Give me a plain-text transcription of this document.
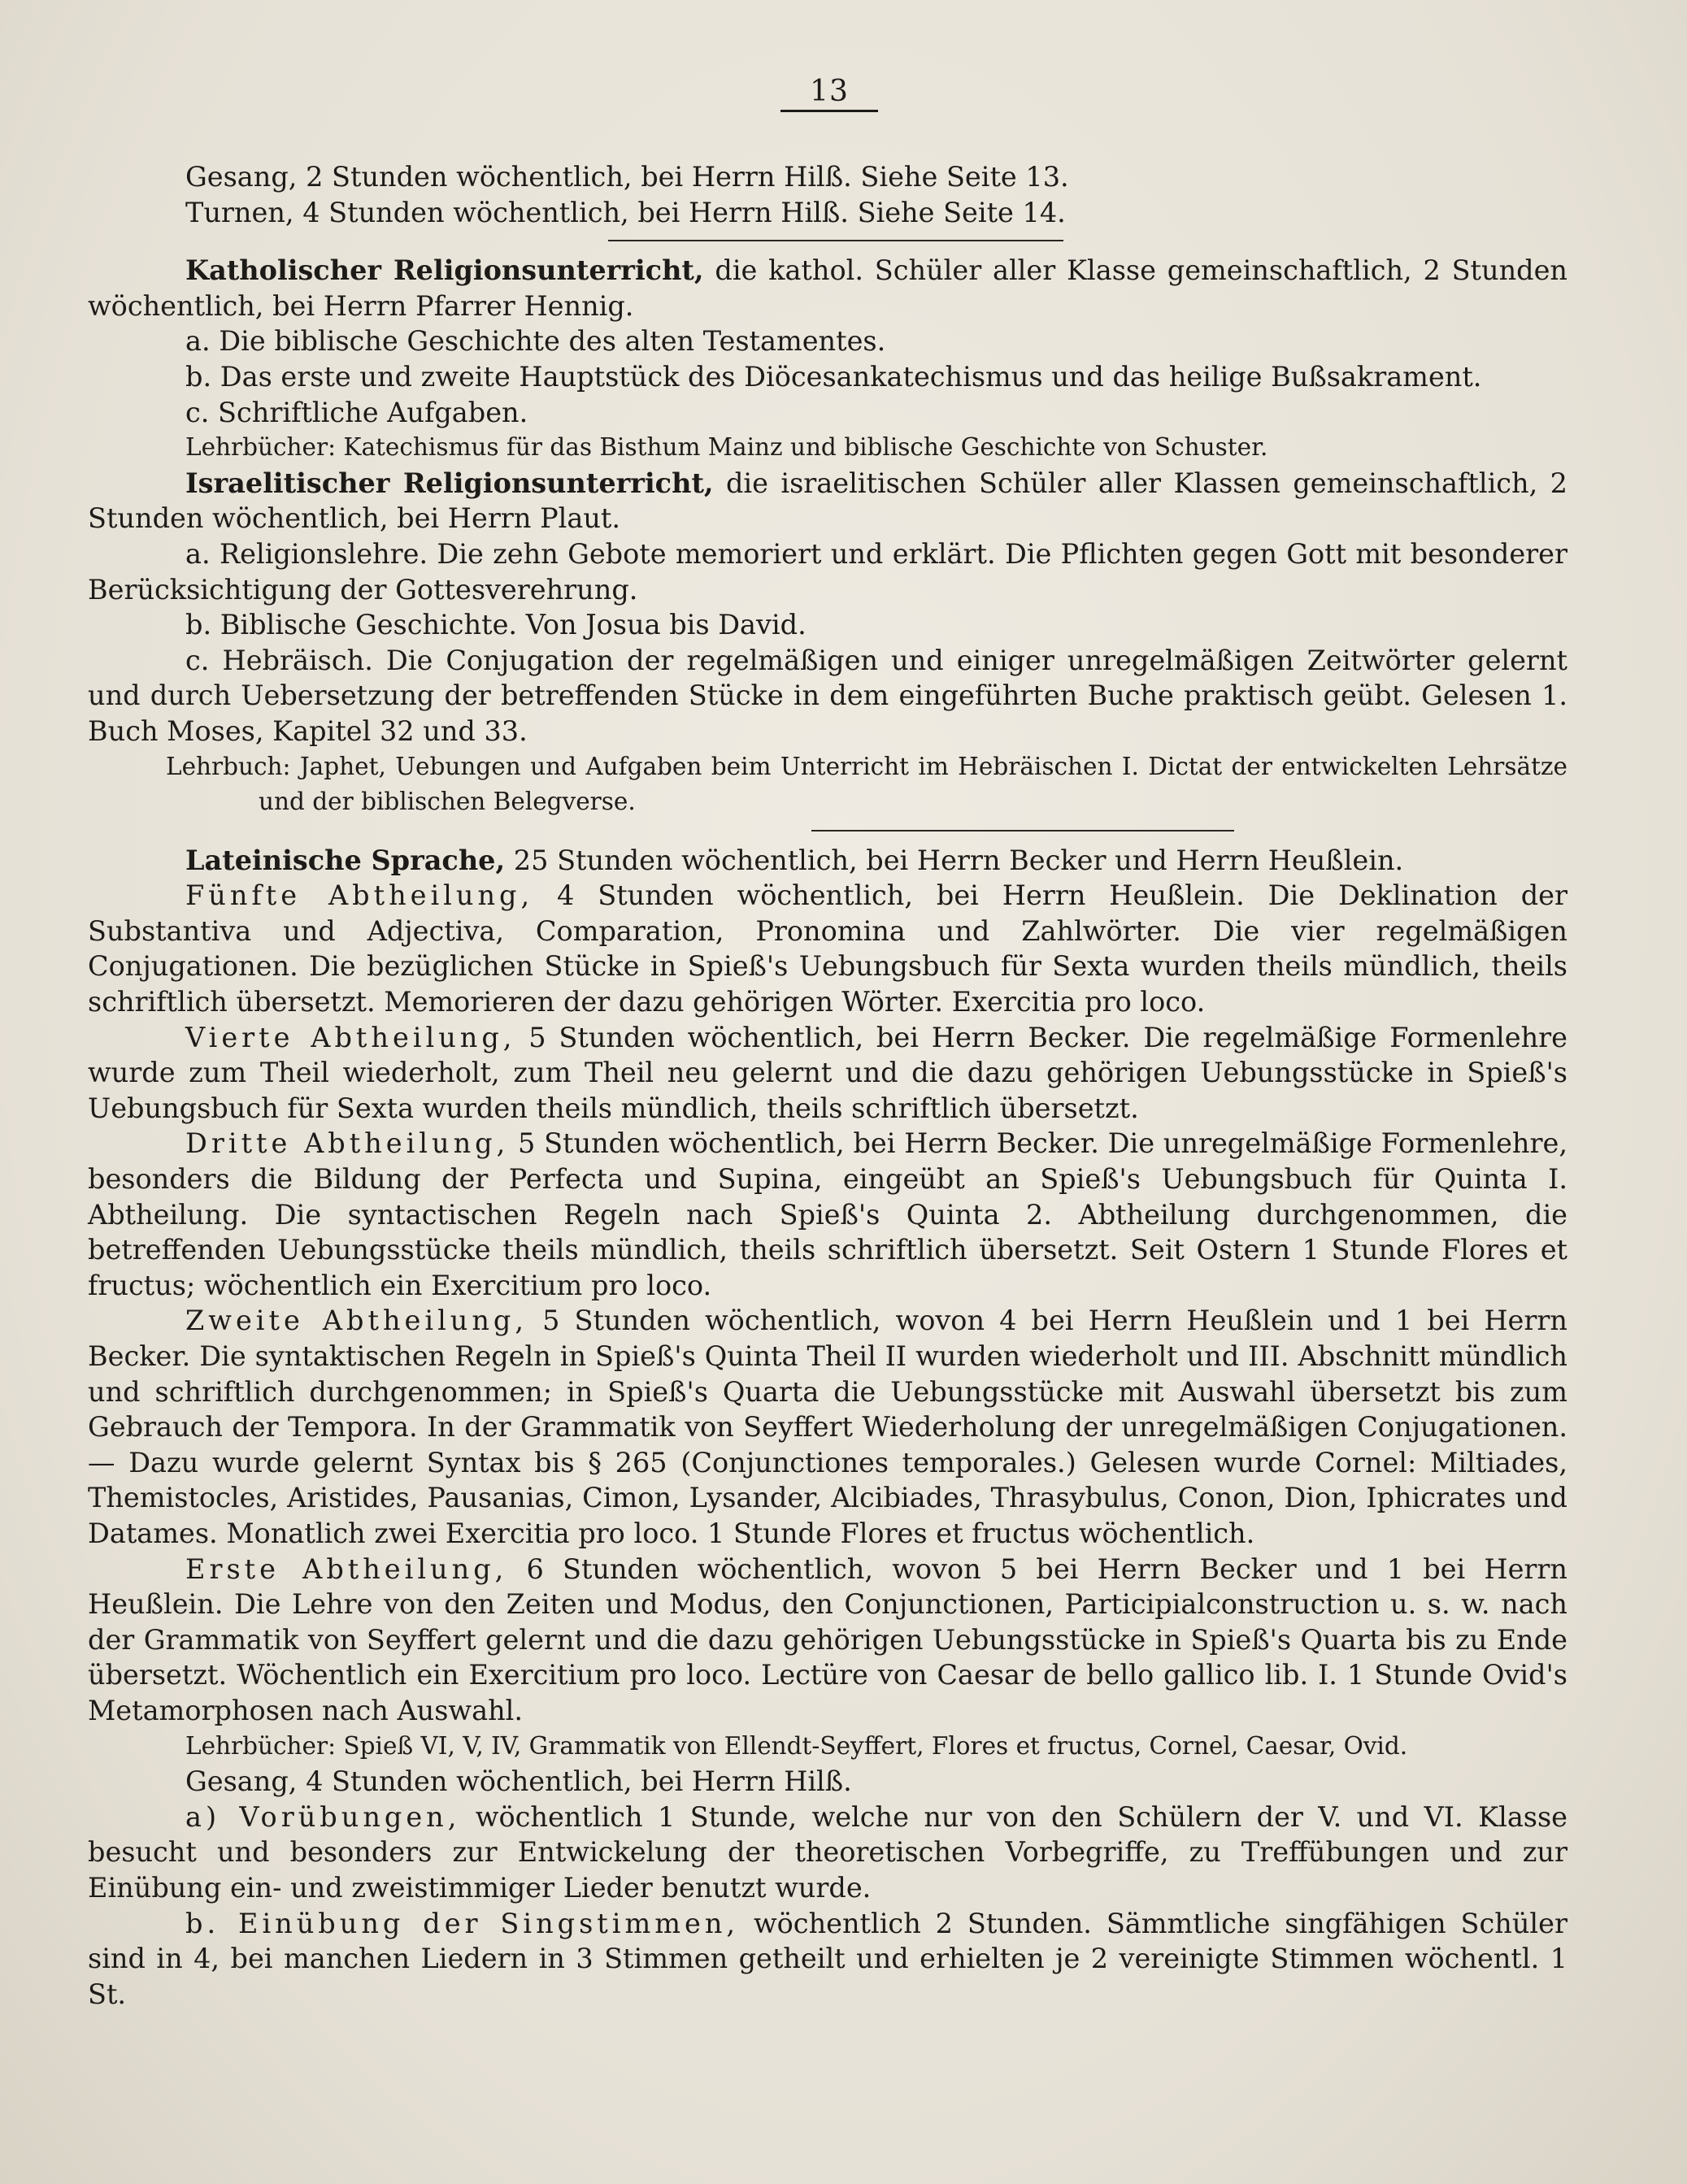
13

Gesang, 2 Stunden wöchentlich, bei Herrn Hilß. Siehe Seite 13.

Turnen, 4 Stunden wöchentlich, bei Herrn Hilß. Siehe Seite 14.

Katholischer Religionsunterricht, die kathol. Schüler aller Klasse gemeinschaftlich, 2 Stunden wöchentlich, bei Herrn Pfarrer Hennig.

a. Die biblische Geschichte des alten Testamentes.

b. Das erste und zweite Hauptstück des Diöcesankatechismus und das heilige Bußsakrament.

c. Schriftliche Aufgaben.

Lehrbücher: Katechismus für das Bisthum Mainz und biblische Geschichte von Schuster.

Israelitischer Religionsunterricht, die israelitischen Schüler aller Klassen gemeinschaftlich, 2 Stunden wöchentlich, bei Herrn Plaut.

a. Religionslehre. Die zehn Gebote memoriert und erklärt. Die Pflichten gegen Gott mit besonderer Berücksichtigung der Gottesverehrung.

b. Biblische Geschichte. Von Josua bis David.

c. Hebräisch. Die Conjugation der regelmäßigen und einiger unregelmäßigen Zeitwörter gelernt und durch Uebersetzung der betreffenden Stücke in dem eingeführten Buche praktisch geübt. Gelesen 1. Buch Moses, Kapitel 32 und 33.

Lehrbuch: Japhet, Uebungen und Aufgaben beim Unterricht im Hebräischen I. Dictat der entwickelten Lehrsätze und der biblischen Belegverse.

Lateinische Sprache, 25 Stunden wöchentlich, bei Herrn Becker und Herrn Heußlein.

Fünfte Abtheilung, 4 Stunden wöchentlich, bei Herrn Heußlein. Die Deklination der Substantiva und Adjectiva, Comparation, Pronomina und Zahlwörter. Die vier regelmäßigen Conjugationen. Die bezüglichen Stücke in Spieß's Uebungsbuch für Sexta wurden theils mündlich, theils schriftlich übersetzt. Memorieren der dazu gehörigen Wörter. Exercitia pro loco.

Vierte Abtheilung, 5 Stunden wöchentlich, bei Herrn Becker. Die regelmäßige Formenlehre wurde zum Theil wiederholt, zum Theil neu gelernt und die dazu gehörigen Uebungsstücke in Spieß's Uebungsbuch für Sexta wurden theils mündlich, theils schriftlich übersetzt.

Dritte Abtheilung, 5 Stunden wöchentlich, bei Herrn Becker. Die unregelmäßige Formenlehre, besonders die Bildung der Perfecta und Supina, eingeübt an Spieß's Uebungsbuch für Quinta I. Abtheilung. Die syntactischen Regeln nach Spieß's Quinta 2. Abtheilung durchgenommen, die betreffenden Uebungsstücke theils mündlich, theils schriftlich übersetzt. Seit Ostern 1 Stunde Flores et fructus; wöchentlich ein Exercitium pro loco.

Zweite Abtheilung, 5 Stunden wöchentlich, wovon 4 bei Herrn Heußlein und 1 bei Herrn Becker. Die syntaktischen Regeln in Spieß's Quinta Theil II wurden wiederholt und III. Abschnitt mündlich und schriftlich durchgenommen; in Spieß's Quarta die Uebungsstücke mit Auswahl übersetzt bis zum Gebrauch der Tempora. In der Grammatik von Seyffert Wiederholung der unregelmäßigen Conjugationen. — Dazu wurde gelernt Syntax bis § 265 (Conjunctiones temporales.) Gelesen wurde Cornel: Miltiades, Themistocles, Aristides, Pausanias, Cimon, Lysander, Alcibiades, Thrasybulus, Conon, Dion, Iphicrates und Datames. Monatlich zwei Exercitia pro loco. 1 Stunde Flores et fructus wöchentlich.

Erste Abtheilung, 6 Stunden wöchentlich, wovon 5 bei Herrn Becker und 1 bei Herrn Heußlein. Die Lehre von den Zeiten und Modus, den Conjunctionen, Participialconstruction u. s. w. nach der Grammatik von Seyffert gelernt und die dazu gehörigen Uebungsstücke in Spieß's Quarta bis zu Ende übersetzt. Wöchentlich ein Exercitium pro loco. Lectüre von Caesar de bello gallico lib. I. 1 Stunde Ovid's Metamorphosen nach Auswahl.

Lehrbücher: Spieß VI, V, IV, Grammatik von Ellendt-Seyffert, Flores et fructus, Cornel, Caesar, Ovid.

Gesang, 4 Stunden wöchentlich, bei Herrn Hilß.

a) Vorübungen, wöchentlich 1 Stunde, welche nur von den Schülern der V. und VI. Klasse besucht und besonders zur Entwickelung der theoretischen Vorbegriffe, zu Treffübungen und zur Einübung ein- und zweistimmiger Lieder benutzt wurde.

b. Einübung der Singstimmen, wöchentlich 2 Stunden. Sämmtliche singfähigen Schüler sind in 4, bei manchen Liedern in 3 Stimmen getheilt und erhielten je 2 vereinigte Stimmen wöchentl. 1 St.
